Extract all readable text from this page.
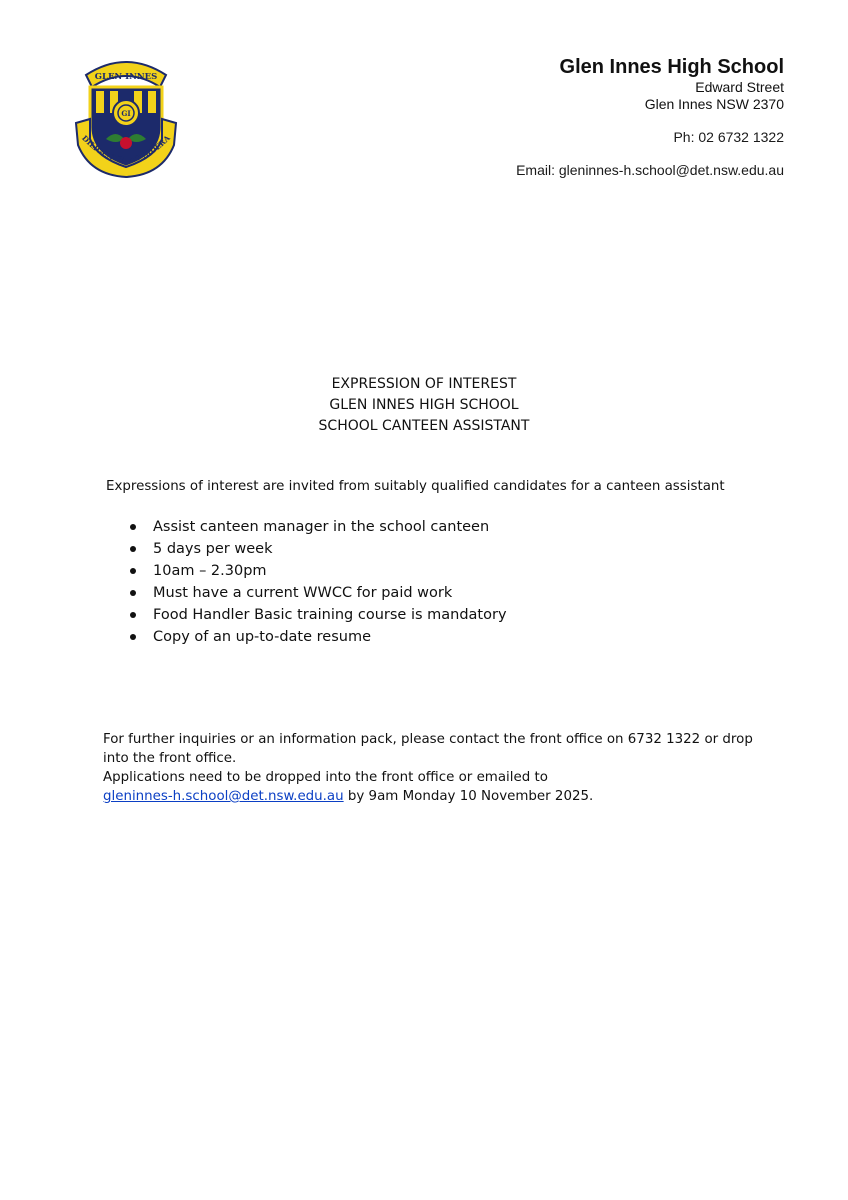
GLEN INNES
GI
DILIGENTIA AD SIDERA
Glen Innes High School
Edward Street
Glen Innes NSW 2370
Ph: 02 6732 1322
Email: gleninnes-h.school@det.nsw.edu.au
EXPRESSION OF INTEREST
GLEN INNES HIGH SCHOOL
SCHOOL CANTEEN ASSISTANT
Expressions of interest are invited from suitably qualified candidates for a canteen assistant
Assist canteen manager in the school canteen
5 days per week
10am – 2.30pm
Must have a current WWCC for paid work
Food Handler Basic training course is mandatory
Copy of an up-to-date resume

For further inquiries or an information pack, please contact the front office on 6732 1322 or drop into the front office.

Applications need to be dropped into the front office or emailed to
gleninnes-h.school@det.nsw.edu.au by 9am Monday 10 November 2025.
